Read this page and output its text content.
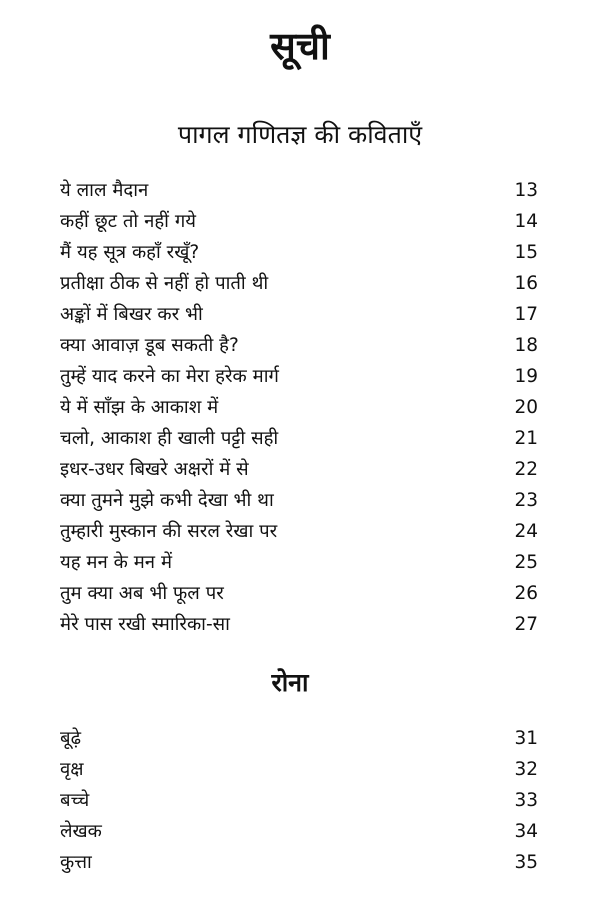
सूची
पागल गणितज्ञ की कविताएँ
ये लाल मैदान	13
कहीं छूट तो नहीं गये	14
मैं यह सूत्र कहाँ रखूँ?	15
प्रतीक्षा ठीक से नहीं हो पाती थी	16
अङ्कों में बिखर कर भी	17
क्या आवाज़ डूब सकती है?	18
तुम्हें याद करने का मेरा हरेक मार्ग	19
ये में साँझ के आकाश में	20
चलो, आकाश ही खाली पट्टी सही	21
इधर-उधर बिखरे अक्षरों में से	22
क्या तुमने मुझे कभी देखा भी था	23
तुम्हारी मुस्कान की सरल रेखा पर	24
यह मन के मन में	25
तुम क्या अब भी फूल पर	26
मेरे पास रखी स्मारिका-सा	27
रोना
बूढ़े	31
वृक्ष	32
बच्चे	33
लेखक	34
कुत्ता	35
